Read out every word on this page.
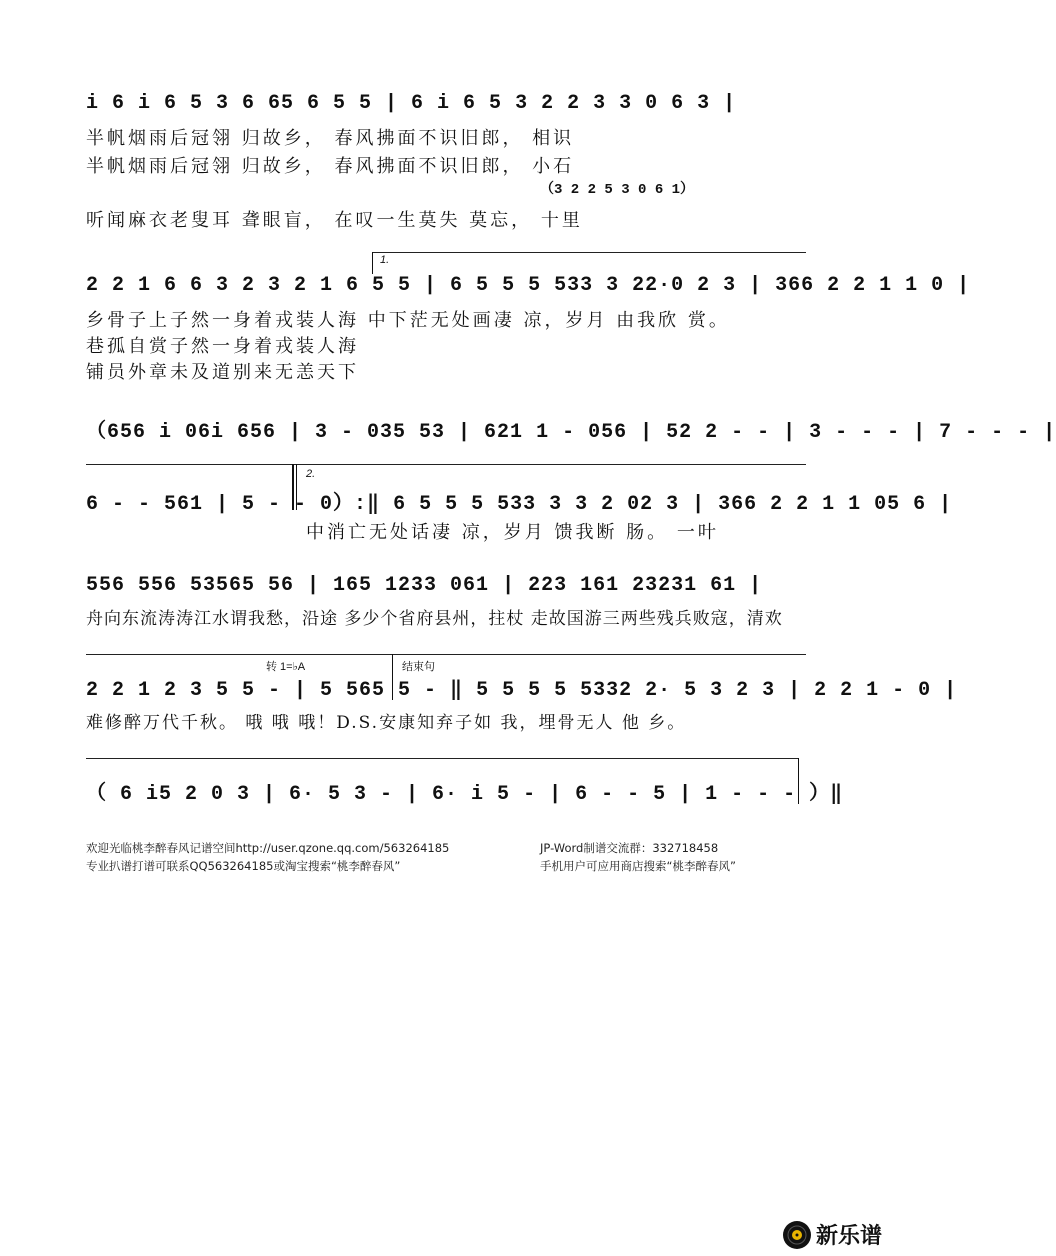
i 6 i 6 5 3 6 65 6 5 5 | 6 i 6 5 3 2 2 3 3 0 6 3 |
半帆烟雨后冠翎 归故乡， 春风拂面不识旧郎， 相识
半帆烟雨后冠翎 归故乡， 春风拂面不识旧郎， 小石
（3 2 2 5 3 0 6 1）
听闻麻衣老叟耳 聋眼盲， 在叹一生莫失 莫忘， 十里
1.
2 2 1 6 6 3 2 3 2 1 6 5 5 | 6 5 5 5 533 3 22·0 2 3 | 366 2 2 1 1 0 |
乡骨子上子然一身着戎装人海 中下茫无处画凄 凉，岁月 由我欣 赏。
巷孤自赏子然一身着戎装人海
铺员外章未及道别来无恙天下
（656 i 06i 656 | 3 - 035 53 | 621 1 - 056 | 52 2 - - | 3 - - - | 7 - - - |
2.
6 - - 561 | 5 - - 0）:‖ 6 5 5 5 533 3 3 2 02 3 | 366 2 2 1 1 05 6 |
中消亡无处话凄 凉，岁月 馈我断 肠。 一叶
556 556 53565 56 | 165 1233 061 | 223 161 23231 61 |
舟向东流涛涛江水谓我愁，沿途 多少个省府县州，拄杖 走故国游三两些残兵败寇，清欢
转 1=♭A	结束句
2 2 1 2 3 5 5 - | 5 565 5 - ‖ 5 5 5 5 5332 2· 5 3 2 3 | 2 2 1 - 0 |
难修醉万代千秋。 哦 哦 哦！D.S.安康知弃子如 我，埋骨无人 他 乡。
（ 6 i5 2 0 3 | 6· 5 3 - | 6· i 5 - | 6 - - 5 | 1 - - - ）‖
欢迎光临桃李醉春风记谱空间http://user.qzone.qq.com/563264185	JP-Word制谱交流群：332718458
专业扒谱打谱可联系QQ563264185或淘宝搜索“桃李醉春风”	手机用户可应用商店搜索“桃李醉春风”
新乐谱
